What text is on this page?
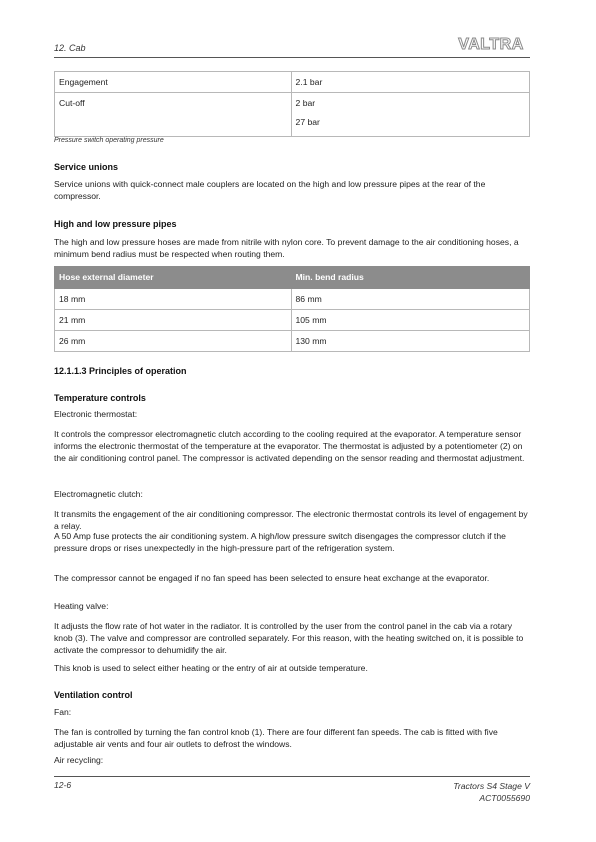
12. Cab	VALTRA
Engagement	2.1 bar

Cut-off	2 bar
27 bar
Pressure switch operating pressure
Service unions
Service unions with quick-connect male couplers are located on the high and low pressure pipes at the rear of the compressor.
High and low pressure pipes
The high and low pressure hoses are made from nitrile with nylon core. To prevent damage to the air conditioning hoses, a minimum bend radius must be respected when routing them.
Hose external diameter	Min. bend radius
18 mm	86 mm
21 mm	105 mm
26 mm	130 mm
12.1.1.3 Principles of operation
Temperature controls
Electronic thermostat:
It controls the compressor electromagnetic clutch according to the cooling required at the evaporator. A temperature sensor informs the electronic thermostat of the temperature at the evaporator. The thermostat is adjusted by a potentiometer (2) on the air conditioning control panel. The compressor is activated depending on the sensor reading and thermostat adjustment.
Electromagnetic clutch:
It transmits the engagement of the air conditioning compressor. The electronic thermostat controls its level of engagement by a relay.
A 50 Amp fuse protects the air conditioning system. A high/low pressure switch disengages the compressor clutch if the pressure drops or rises unexpectedly in the high-pressure part of the refrigeration system.
The compressor cannot be engaged if no fan speed has been selected to ensure heat exchange at the evaporator.
Heating valve:
It adjusts the flow rate of hot water in the radiator. It is controlled by the user from the control panel in the cab via a rotary knob (3). The valve and compressor are controlled separately. For this reason, with the heating switched on, it is possible to activate the compressor to dehumidify the air.
This knob is used to select either heating or the entry of air at outside temperature.
Ventilation control
Fan:
The fan is controlled by turning the fan control knob (1). There are four different fan speeds. The cab is fitted with five adjustable air vents and four air outlets to defrost the windows.
Air recycling:
12-6	Tractors S4 Stage V
ACT0055690
